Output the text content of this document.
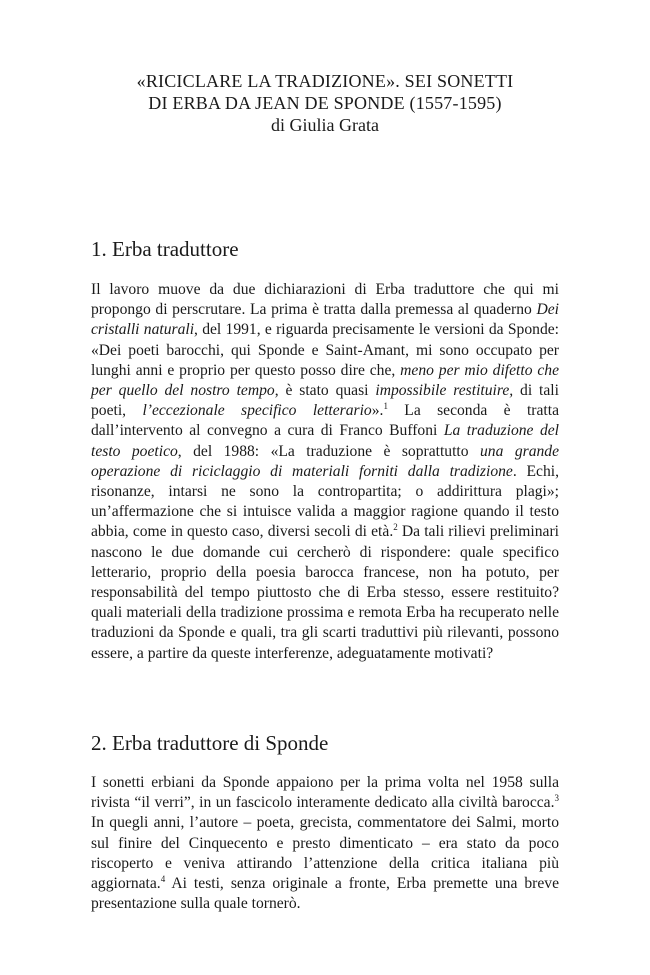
«RICICLARE LA TRADIZIONE». SEI SONETTI
DI ERBA DA JEAN DE SPONDE (1557-1595)

di Giulia Grata

1. Erba traduttore

Il lavoro muove da due dichiarazioni di Erba traduttore che qui mi propongo di perscrutare. La prima è tratta dalla premessa al quaderno Dei cristalli naturali, del 1991, e riguarda precisamente le versioni da Sponde: «Dei poeti barocchi, qui Sponde e Saint-Amant, mi sono occupato per lunghi anni e proprio per questo posso dire che, meno per mio difetto che per quello del nostro tempo, è stato quasi impossibile restituire, di tali poeti, l’eccezionale specifico letterario».$^1$ La seconda è tratta dall’intervento al convegno a cura di Franco Buffoni La traduzione del testo poetico, del 1988: «La traduzione è soprattutto una grande operazione di riciclaggio di materiali forniti dalla tradizione. Echi, risonanze, intarsi ne sono la contropartita; o addirittura plagi»; un’affermazione che si intuisce valida a maggior ragione quando il testo abbia, come in questo caso, diversi secoli di età.$^2$ Da tali rilievi preliminari nascono le due domande cui cercherò di rispondere: quale specifico letterario, proprio della poesia barocca francese, non ha potuto, per responsabilità del tempo piuttosto che di Erba stesso, essere restituito? quali materiali della tradizione prossima e remota Erba ha recuperato nelle traduzioni da Sponde e quali, tra gli scarti traduttivi più rilevanti, possono essere, a partire da queste interferenze, adeguatamente motivati?

2. Erba traduttore di Sponde

I sonetti erbiani da Sponde appaiono per la prima volta nel 1958 sulla rivista “il verri”, in un fascicolo interamente dedicato alla civiltà barocca.$^3$ In quegli anni, l’autore – poeta, grecista, commentatore dei Salmi, morto sul finire del Cinquecento e presto dimenticato – era stato da poco riscoperto e veniva attirando l’attenzione della critica italiana più aggiornata.$^4$ Ai testi, senza originale a fronte, Erba premette una breve presentazione sulla quale tornerò.
